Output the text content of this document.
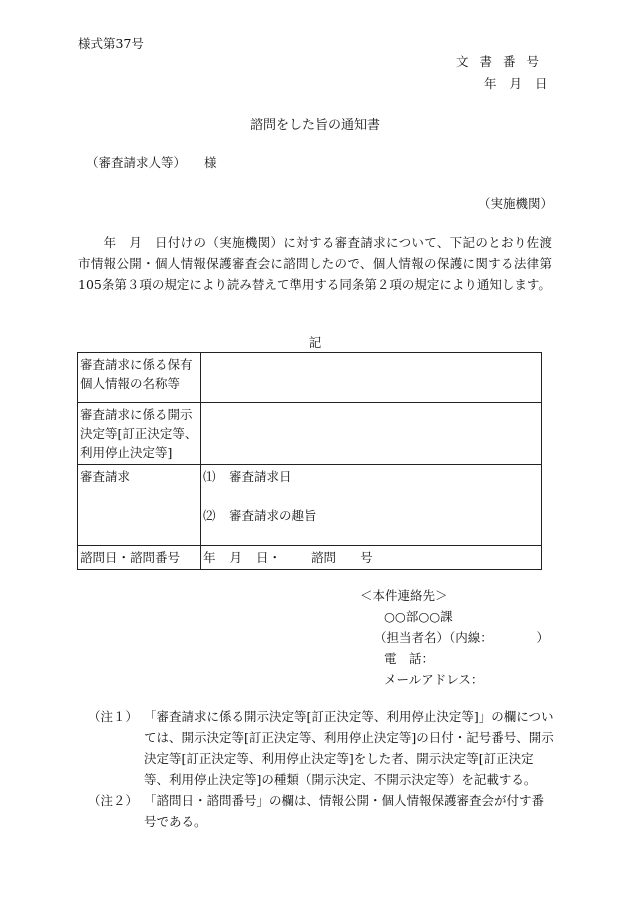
様式第37号
文書番号
年月日
諮問をした旨の通知書
（審査請求人等） 様
（実施機関）

　　年　月　日付けの（実施機関）に対する審査請求について、下記のとおり佐渡市情報公開・個人情報保護審査会に諮問したので、個人情報の保護に関する法律第105条第３項の規定により読み替えて準用する同条第２項の規定により通知します。

記
審査請求に係る保有個人情報の名称等	
審査請求に係る開示決定等[訂正決定等、利用停止決定等]	
審査請求	⑴ 審査請求日
⑵ 審査請求の趣旨

諮問日・諮問番号	年 月 日・ 諮問 号
＜本件連絡先＞
○○部○○課
（担当者名）（内線：　　　　）
電　話：
メールアドレス：
（注１） 「審査請求に係る開示決定等[訂正決定等、利用停止決定等]」の欄については、開示決定等[訂正決定等、利用停止決定等]の日付・記号番号、開示決定等[訂正決定等、利用停止決定等]をした者、開示決定等[訂正決定等、利用停止決定等]の種類（開示決定、不開示決定等）を記載する。
（注２） 「諮問日・諮問番号」の欄は、情報公開・個人情報保護審査会が付す番号である。
